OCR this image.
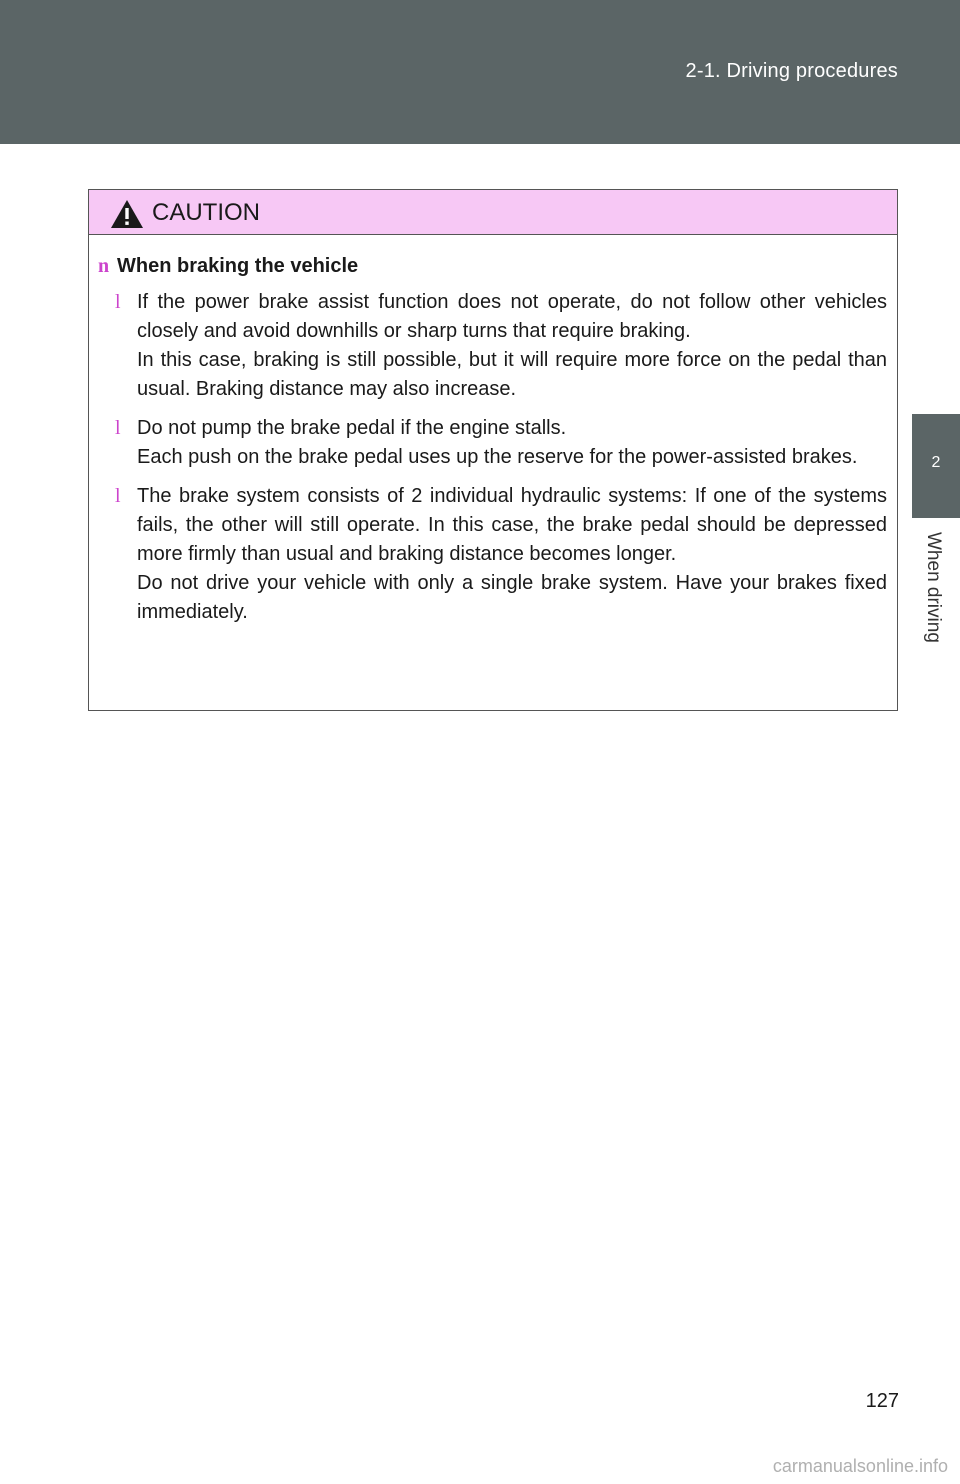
2-1. Driving procedures
2
When driving
CAUTION
n When braking the vehicle
l If the power brake assist function does not operate, do not follow other vehicles closely and avoid downhills or sharp turns that require braking.

In this case, braking is still possible, but it will require more force on the pedal than usual. Braking distance may also increase.

l Do not pump the brake pedal if the engine stalls.

Each push on the brake pedal uses up the reserve for the power-assisted brakes.

l The brake system consists of 2 individual hydraulic systems: If one of the systems fails, the other will still operate. In this case, the brake pedal should be depressed more firmly than usual and braking distance becomes longer.

Do not drive your vehicle with only a single brake system. Have your brakes fixed immediately.

127
carmanualsonline.info
